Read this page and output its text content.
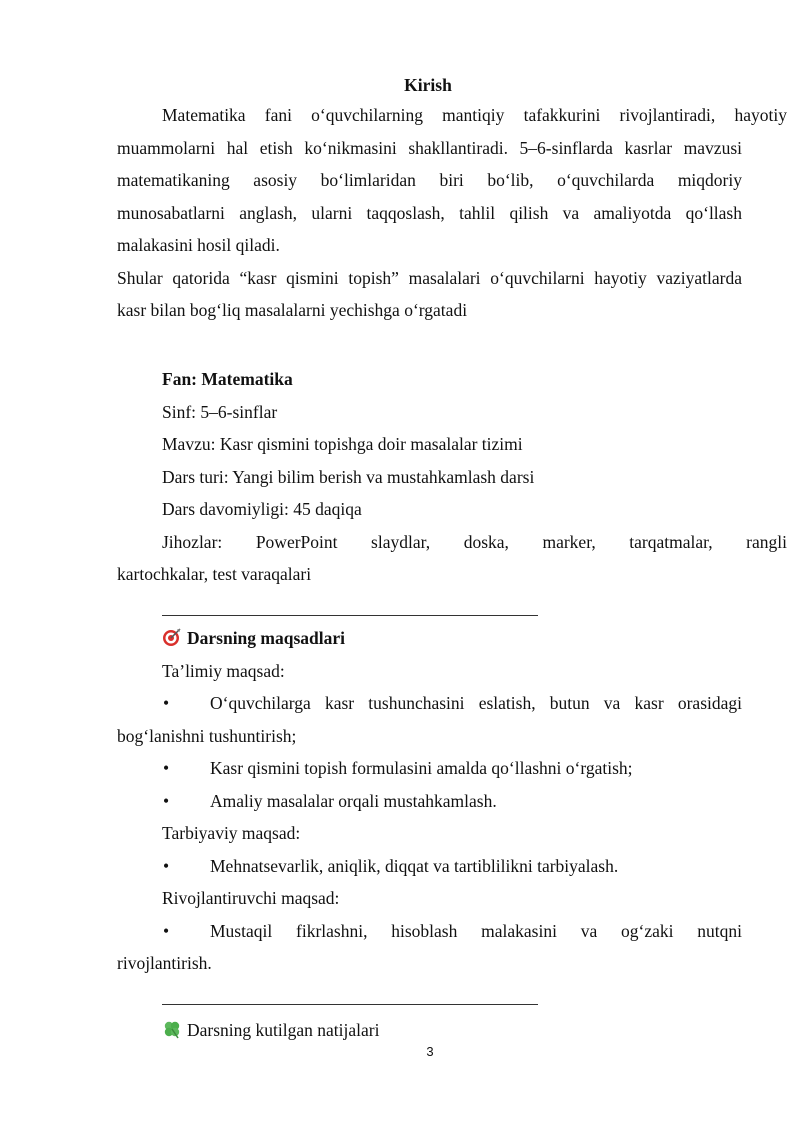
Kirish
Matematika fani o‘quvchilarning mantiqiy tafakkurini rivojlantiradi, hayotiy
muammolarni hal etish ko‘nikmasini shakllantiradi. 5–6-sinflarda kasrlar mavzusi
matematikaning asosiy bo‘limlaridan biri bo‘lib, o‘quvchilarda miqdoriy
munosabatlarni anglash, ularni taqqoslash, tahlil qilish va amaliyotda qo‘llash
malakasini hosil qiladi.
Shular qatorida “kasr qismini topish” masalalari o‘quvchilarni hayotiy vaziyatlarda
kasr bilan bog‘liq masalalarni yechishga o‘rgatadi
Fan: Matematika
Sinf: 5–6-sinflar
Mavzu: Kasr qismini topishga doir masalalar tizimi
Dars turi: Yangi bilim berish va mustahkamlash darsi
Dars davomiyligi: 45 daqiqa
Jihozlar: PowerPoint slaydlar, doska, marker, tarqatmalar, rangli
kartochkalar, test varaqalari
Darsning maqsadlari
Ta’limiy maqsad:
•	O‘quvchilarga kasr tushunchasini eslatish, butun va kasr orasidagi
bog‘lanishni tushuntirish;
•	Kasr qismini topish formulasini amalda qo‘llashni o‘rgatish;
•	Amaliy masalalar orqali mustahkamlash.
Tarbiyaviy maqsad:
•	Mehnatsevarlik, aniqlik, diqqat va tartiblilikni tarbiyalash.
Rivojlantiruvchi maqsad:
•	Mustaqil fikrlashni, hisoblash malakasini va og‘zaki nutqni
rivojlantirish.
Darsning kutilgan natijalari
3
